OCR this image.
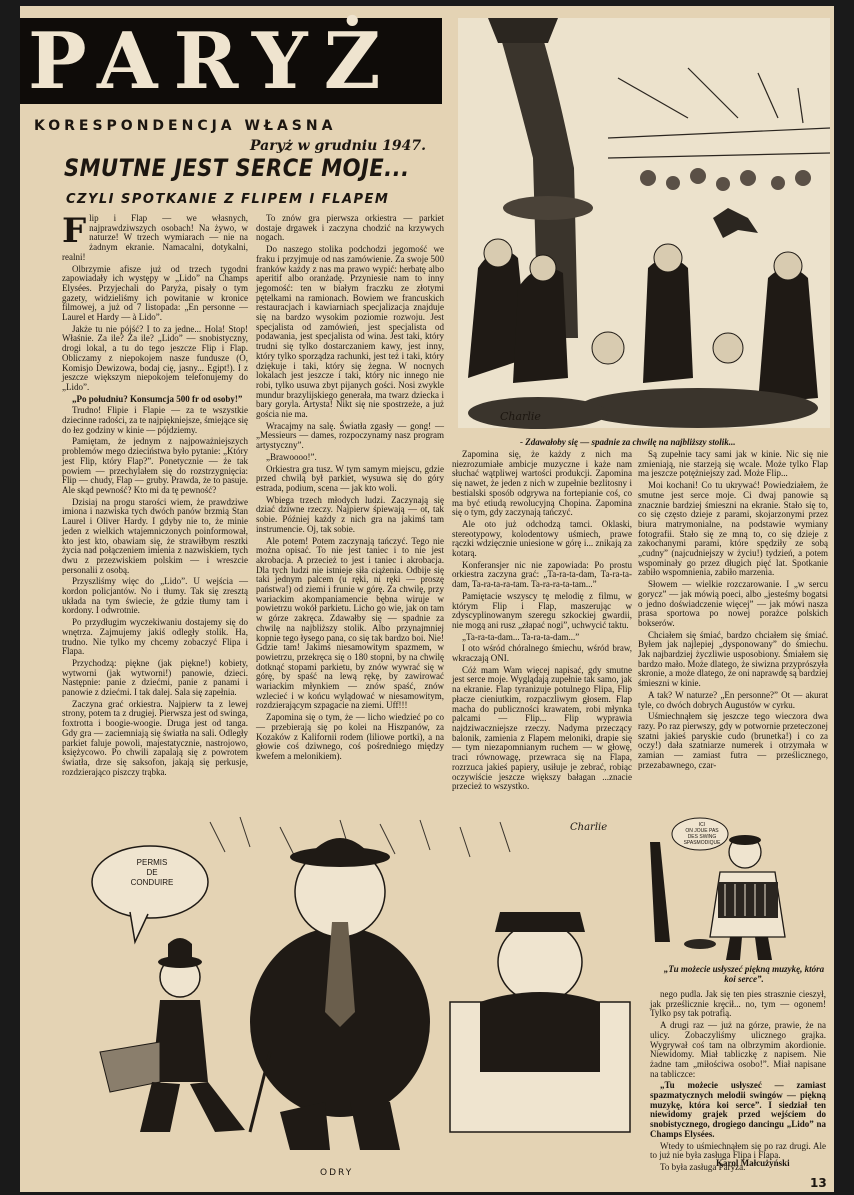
PARYŻ
KORESPONDENCJA WŁASNA
Paryż w grudniu 1947.
SMUTNE JEST SERCE MOJE...
CZYLI SPOTKANIE Z FLIPEM I FLAPEM

Flip i Flap — we własnych, najprawdziwszych osobach! Na żywo, w naturze! W trzech wymiarach — nie na żadnym ekranie. Namacalni, dotykalni, realni!

Olbrzymie afisze już od trzech tygodni zapowiadały ich występy w „Lido” na Champs Elysées. Przyjechali do Paryża, pisały o tym gazety, widzieliśmy ich powitanie w kronice filmowej, a już od 7 listopada: „En personne — Laurel et Hardy — à Lido”.

Jakże tu nie pójść? I to za jedne... Hola! Stop! Właśnie. Za ile? Za ile? „Lido” — snobistyczny, drogi lokal, a tu do tego jeszcze Flip i Flap. Obliczamy z niepokojem nasze fundusze (O, Komisjo Dewizowa, bodaj cię, jasny... Egipt!). I z jeszcze większym niepokojem telefonujemy do „Lido”.

„Po południu? Konsumcja 500 fr od osoby!”

Trudno! Flipie i Flapie — za te wszystkie dziecinne radości, za te najpiękniejsze, śmiejące się do łez godziny w kinie — pójdziemy.

Pamiętam, że jednym z najpoważniejszych problemów mego dzieciństwa było pytanie: „Który jest Flip, który Flap?”. Ponetycznie — że tak powiem — przechylałem się do rozstrzygnięcia: Flip — chudy, Flap — gruby. Prawda, że to pasuje. Ale skąd pewność? Kto mi da tę pewność?

Dzisiaj na progu starości wiem, że prawdziwe imiona i nazwiska tych dwóch panów brzmią Stan Laurel i Oliver Hardy. I gdyby nie to, że minie jeden z wielkich wtajemniczonych poinformował, kto jest kto, obawiam się, że strawiłbym resztki życia nad połączeniem imienia z nazwiskiem, tych dwu z przezwiskiem polskim — i wreszcie personalii z osobą.

Przyszliśmy więc do „Lido”. U wejścia — kordon policjantów. No i tłumy. Tak się zresztą układa na tym świecie, że gdzie tłumy tam i kordony. I odwrotnie.

Po przydługim wyczekiwaniu dostajemy się do wnętrza. Zajmujemy jakiś odległy stolik. Ha, trudno. Nie tylko my chcemy zobaczyć Flipa i Flapa.

Przychodzą: piękne (jak piękne!) kobiety, wytworni (jak wytworni!) panowie, dzieci. Następnie: panie z dziećmi, panie z panami i panowie z dziećmi. I tak dalej. Sala się zapełnia.

Zaczyna grać orkiestra. Najpierw ta z lewej strony, potem ta z drugiej. Pierwsza jest od swinga, foxtrotta i boogie-woogie. Druga jest od tanga. Gdy gra — zaciemniają się światła na sali. Odległy parkiet faluje powoli, majestatycznie, nastrojowo, księżycowo. Po chwili zapalają się z powrotem światła, drze się saksofon, jakają się perkusje, rozdzierająco piszczy trąbka.

To znów gra pierwsza orkiestra — parkiet dostaje drgawek i zaczyna chodzić na krzywych nogach.

Do naszego stolika podchodzi jegomość we fraku i przyjmuje od nas zamówienie. Za swoje 500 franków każdy z nas ma prawo wypić: herbatę albo aperitif albo oranżadę. Przyniesie nam to inny jegomość: ten w białym fraczku ze złotymi pętelkami na ramionach. Bowiem we francuskich restauracjach i kawiarniach specjalizacja znajduje się na bardzo wysokim poziomie rozwoju. Jest specjalista od zamówień, jest specjalista od podawania, jest specjalista od wina. Jest taki, który trudni się tylko dostarczaniem kawy, jest inny, który tylko sporządza rachunki, jest też i taki, który dziękuje i taki, który się żegna. W nocnych lokalach jest jeszcze i taki, który nic innego nie robi, tylko usuwa zbyt pijanych gości. Nosi zwykle mundur brazylijskiego generała, ma twarz dziecka i bary goryla. Artysta! Nikt się nie spostrzeże, a już gościa nie ma.

Wracajmy na salę. Światła zgasły — gong! — „Messieurs — dames, rozpoczynamy nasz program artystyczny”.

„Brawoooo!”.

Orkiestra gra tusz. W tym samym miejscu, gdzie przed chwilą był parkiet, wysuwa się do góry estrada, podium, scena — jak kto woli.

Wbiega trzech młodych ludzi. Zaczynają się dziać dziwne rzeczy. Najpierw śpiewają — ot, tak sobie. Później każdy z nich gra na jakimś tam instrumencie. Oj, tak sobie.

Ale potem! Potem zaczynają tańczyć. Tego nie można opisać. To nie jest taniec i to nie jest akrobacja. A przecież to jest i taniec i akrobacja. Dla tych ludzi nie istnieje siła ciążenia. Odbije się taki jednym palcem (u ręki, ni ręki — proszę państwa!) od ziemi i frunie w górę. Za chwilę, przy wariackim akompaniamencie bębna wiruje w powietrzu wokół parkietu. Licho go wie, jak on tam w górze zakręca. Zdawałby się — spadnie za chwilę na najbliższy stolik. Albo przynajmniej kopnie tego łysego pana, co się tak bardzo boi. Nie! Gdzie tam! Jakimś niesamowitym spazmem, w powietrzu, przekręca się o 180 stopni, by na chwilę dotknąć stopami parkietu, by znów wywrać się w górę, by spaść na lewą rękę, by zawirować wariackim młynkiem — znów spaść, znów wzlecieć i w końcu wylądować w niesamowitym, rozdzierającym szpagacie na ziemi. Uff!!!

Zapomina się o tym, że — licho wiedzieć po co — przebierają się po kolei na Hiszpanów, za Kozaków z Kalifornii rodem (liliowe portki), a na głowie coś dziwnego, coś pośredniego między kwefem a melonikiem).

Charlie
- Zdawałoby się — spadnie za chwilę na najbliższy stolik...

Zapomina się, że każdy z nich ma niezrozumiałe ambicje muzyczne i każe nam słuchać wątpliwej wartości produkcji. Zapomina się nawet, że jeden z nich w zupełnie bezlitosny i bestialski sposób odgrywa na fortepianie coś, co ma być etiudą rewolucyjną Chopina. Zapomina się o tym, gdy zaczynają tańczyć.

Ale oto już odchodzą tamci. Oklaski, stereotypowy, kolodentowy uśmiech, prawe rączki wdzięcznie uniesione w górę i... znikają za kotarą.

Konferansjer nic nie zapowiada: Po prostu orkiestra zaczyna grać: „Ta-ra-ta-dam, Ta-ra-ta-dam, Ta-ra-ta-ra-tam. Ta-ra-ra-ta-tam...”

Pamiętacie wszyscy tę melodię z filmu, w którym Flip i Flap, maszerując w zdyscyplinowanym szeregu szkockiej gwardii, nie mogą ani rusz „złapać nogi”, uchwycić taktu.

„Ta-ra-ta-dam... Ta-ra-ta-dam...”

I oto wśród chóralnego śmiechu, wśród braw, wkraczają ONI.

Cóż mam Wam więcej napisać, gdy smutne jest serce moje. Wyglądają zupełnie tak samo, jak na ekranie. Flap tyranizuje potulnego Flipa, Flip płacze cieniutkim, rozpaczliwym głosem. Flap macha do publiczności krawatem, robi młynka palcami — Flip... Flip wyprawia najdziwaczniejsze rzeczy. Nadyma przeczący balonik, zamienia z Flapem meloniki, drapie się — tym niezapomnianym ruchem — w głowę, traci równowagę, przewraca się na Flapa, rozrzuca jakieś papiery, usiłuje je zebrać, robiąc oczywiście jeszcze większy bałagan ...znacie przecież to wszystko.

Są zupełnie tacy sami jak w kinie. Nic się nie zmieniają, nie starzeją się wcale. Może tylko Flap ma jeszcze potężniejszy zad. Może Flip...

Moi kochani! Co tu ukrywać! Powiedziałem, że smutne jest serce moje. Ci dwaj panowie są znacznie bardziej śmieszni na ekranie. Stało się to, co się często dzieje z parami, skojarzonymi przez biura matrymonialne, na podstawie wymiany fotografii. Stało się ze mną to, co się dzieje z zakochanymi parami, które spędziły ze sobą „cudny” (najcudniejszy w życiu!) tydzień, a potem wspominały go przez długich pięć lat. Spotkanie zabiło wspomnienia, zabiło marzenia.

Słowem — wielkie rozczarowanie. I „w sercu gorycz” — jak mówią poeci, albo „jesteśmy bogatsi o jedno doświadczenie więcej” — jak mówi nasza prasa sportowa po nowej porażce polskich bokserów.

Chciałem się śmiać, bardzo chciałem się śmiać. Byłem jak najlepiej „dysponowany” do śmiechu. Jak najbardziej życzliwie usposobiony. Śmiałem się bardzo mało. Może dlatego, że siwizna przyprószyła skronie, a może dlatego, że oni naprawdę są bardziej śmieszni w kinie.

A tak? W naturze? „En personne?” Ot — akurat tyle, co dwóch dobrych Augustów w cyrku.

Uśmiechnąłem się jeszcze tego wieczora dwa razy. Po raz pierwszy, gdy w potwornie przeteczonej szatni jakieś paryskie cudo (brunetka!) i co za oczy!) dała szatniarze numerek i otrzymała w zamian — zamiast futra — prześlicznego, przezabawnego, czar-

PERMIS
DE
CONDUIRE
Charlie	ICI
ON JOUE PAS
DES SWING
SPASMODIQUE
„Tu możecie usłyszeć piękną muzykę, która koi serce”.

nego pudla. Jak się ten pies strasznie cieszył, jak prześlicznie kręcił... no, tym — ogonem! Tylko psy tak potrafią.

A drugi raz — już na górze, prawie, że na ulicy. Zobaczyliśmy ulicznego grajka. Wygrywał coś tam na olbrzymim akordionie. Niewidomy. Miał tabliczkę z napisem. Nie żadne tam „miłościwa osobo!”. Miał napisane na tabliczce:

„Tu możecie usłyszeć — zamiast spazmatycznych melodii swingów — piękną muzykę, która koi serce”. I siedział ten niewidomy grajek przed wejściem do snobistycznego, drogiego dancingu „Lido” na Champs Elysées.

Wtedy to uśmiechnąłem się po raz drugi. Ale to już nie była zasługa Flipa i Flapa.

To była zasługa Paryża.

Karol Małcużyński
ODRY
13
